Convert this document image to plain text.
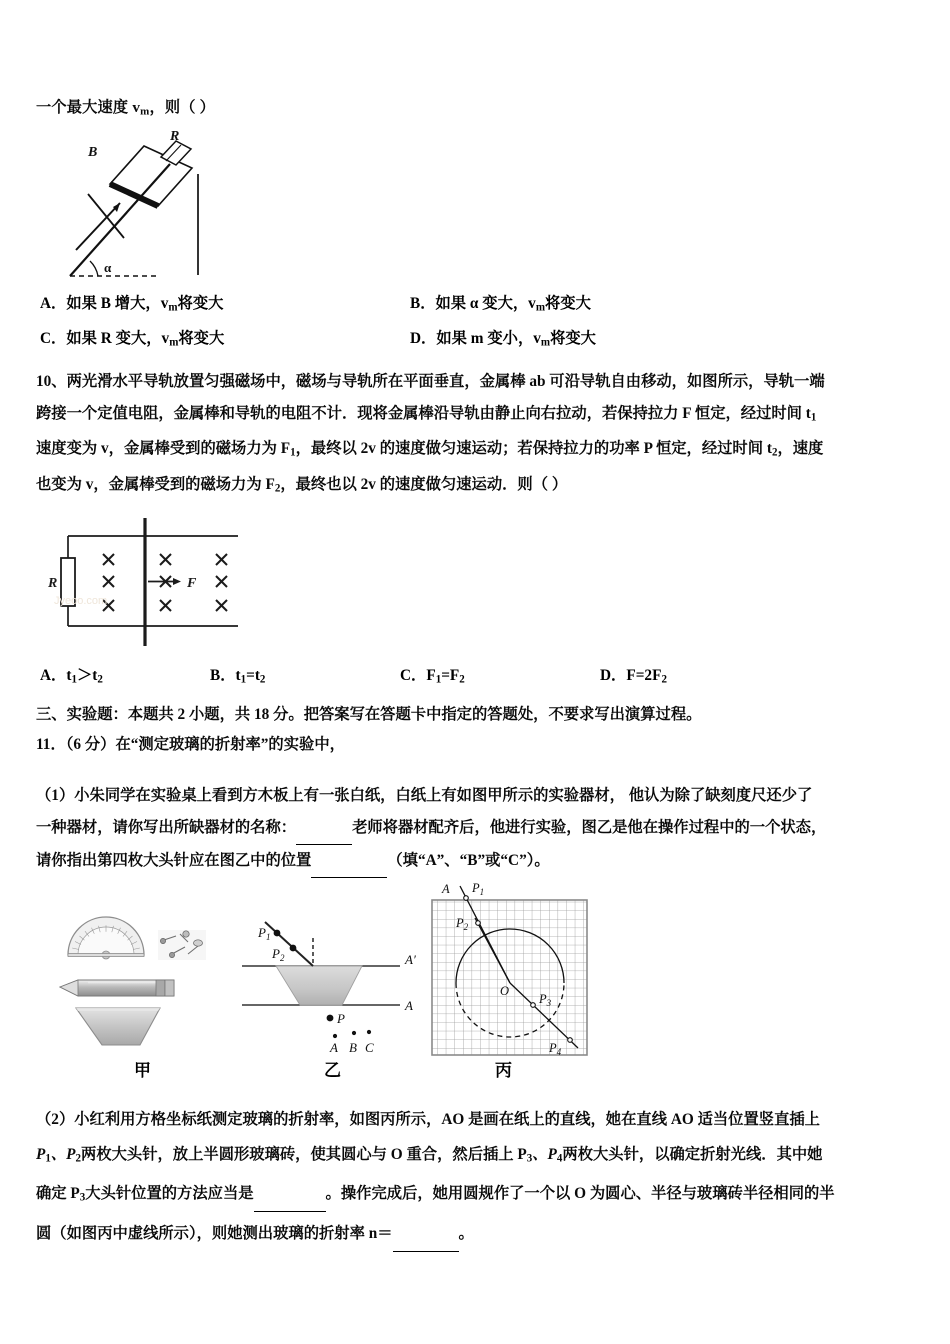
一个最大速度 $v_m$，则（ ）
B
R
α
A．如果 B 增大，$v_m$将变大	B．如果 α 变大，$v_m$将变大
C．如果 R 变大，$v_m$将变大	D．如果 m 变小，$v_m$将变大
10、两光滑水平导轨放置匀强磁场中，磁场与导轨所在平面垂直，金属棒 ab 可沿导轨自由移动，如图所示，导轨一端
跨接一个定值电阻，金属棒和导轨的电阻不计．现将金属棒沿导轨由静止向右拉动，若保持拉力 F 恒定，经过时间 $t_1$
速度变为 v，金属棒受到的磁场力为 $F_1$，最终以 2v 的速度做匀速运动；若保持拉力的功率 P 恒定，经过时间 $t_2$，速度
也变为 v，金属棒受到的磁场力为 $F_2$，最终也以 2v 的速度做匀速运动．则（ ）
R	F
Jyeoo.com
A．$t_1>t_2$	B．$t_1=t_2$	C．$F_1=F_2$	D．$F=2F_2$
三、实验题：本题共 2 小题，共 18 分。把答案写在答题卡中指定的答题处，不要求写出演算过程。
11．（6 分）在“测定玻璃的折射率”的实验中，
（1）小朱同学在实验桌上看到方木板上有一张白纸，白纸上有如图甲所示的实验器材， 他认为除了缺刻度尺还少了
一种器材，请你写出所缺器材的名称：	老师将器材配齐后，他进行实验，图乙是他在操作过程中的一个状态，
请你指出第四枚大头针应在图乙中的位置	（填“A”、“B”或“C”）。
甲
$P_1$
$P_2$	A′
A
P
A B C
乙
A $P_1$
$P_2$
O
$P_3$
$P_4$
丙
（2）小红利用方格坐标纸测定玻璃的折射率，如图丙所示，AO 是画在纸上的直线，她在直线 AO 适当位置竖直插上
$P_1$、$P_2$两枚大头针，放上半圆形玻璃砖，使其圆心与 O 重合，然后插上 $P_3$、$P_4$两枚大头针，以确定折射光线．其中她
确定 $P_3$大头针位置的方法应当是	。操作完成后，她用圆规作了一个以 O 为圆心、半径与玻璃砖半径相同的半
圆（如图丙中虚线所示），则她测出玻璃的折射率 n＝	。
